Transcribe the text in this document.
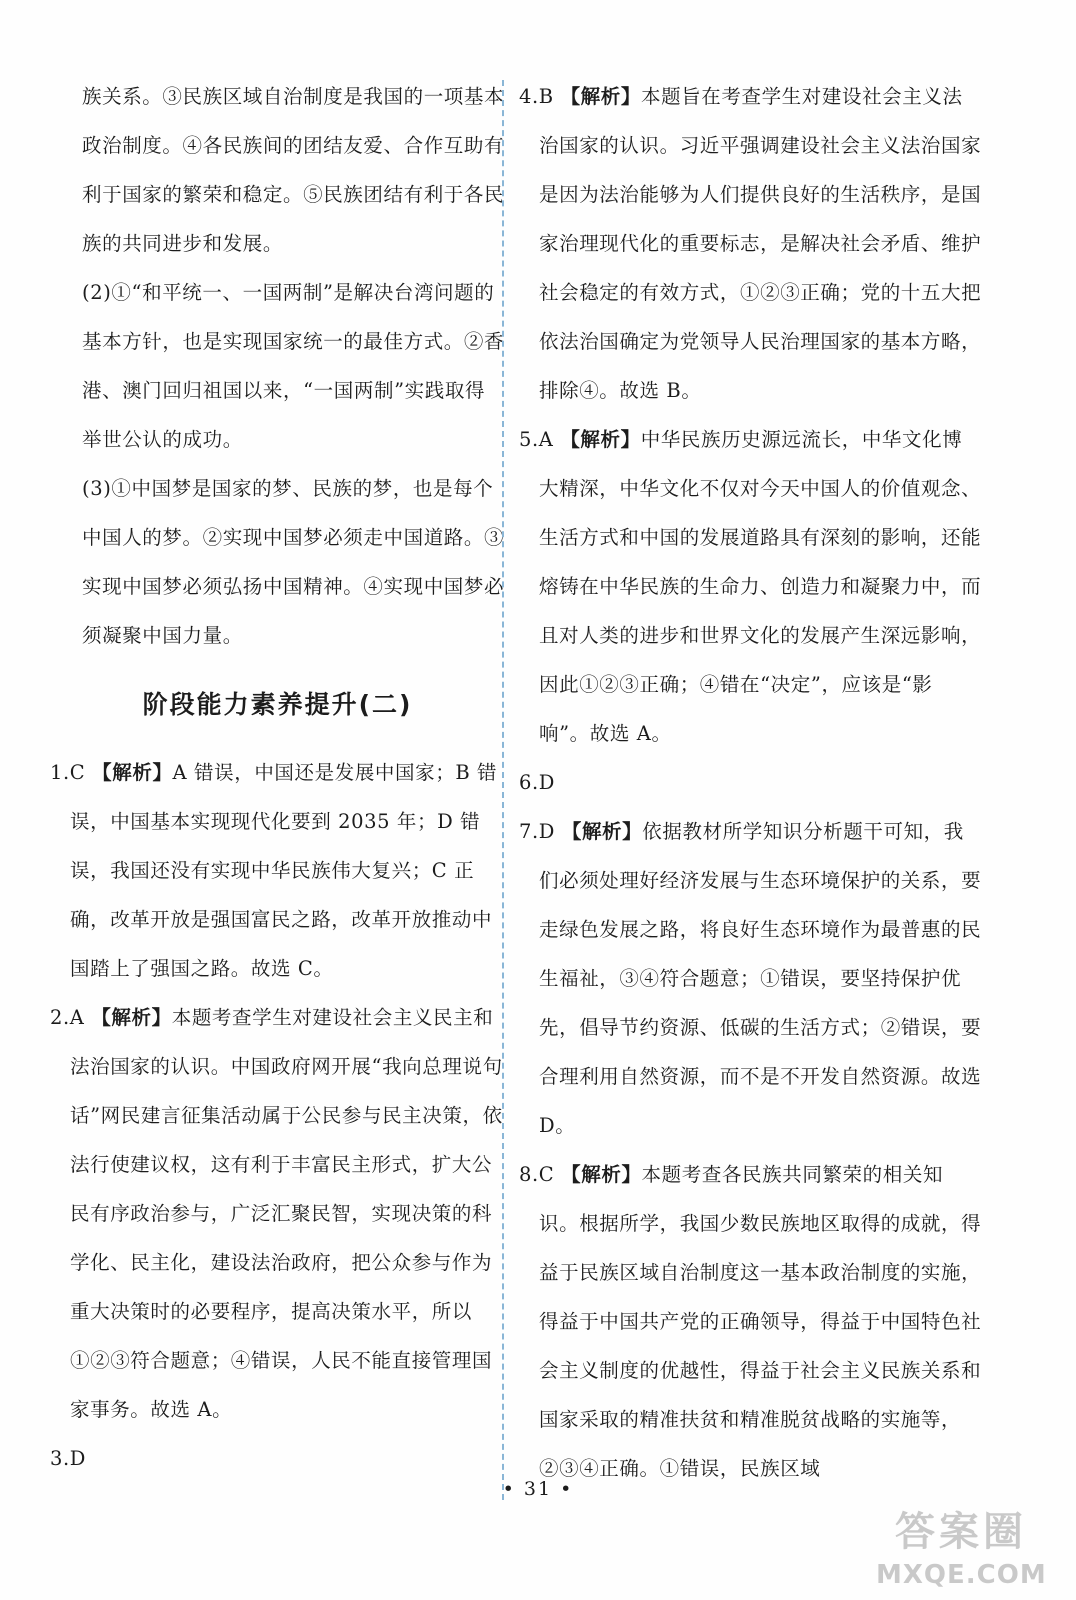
族关系。③民族区域自治制度是我国的一项基本政治制度。④各民族间的团结友爱、合作互助有利于国家的繁荣和稳定。⑤民族团结有利于各民族的共同进步和发展。

(2)①“和平统一、一国两制”是解决台湾问题的基本方针，也是实现国家统一的最佳方式。②香港、澳门回归祖国以来，“一国两制”实践取得举世公认的成功。

(3)①中国梦是国家的梦、民族的梦，也是每个中国人的梦。②实现中国梦必须走中国道路。③实现中国梦必须弘扬中国精神。④实现中国梦必须凝聚中国力量。

阶段能力素养提升(二)

1.C 【解析】A 错误，中国还是发展中国家；B 错误，中国基本实现现代化要到 2035 年；D 错误，我国还没有实现中华民族伟大复兴；C 正确，改革开放是强国富民之路，改革开放推动中国踏上了强国之路。故选 C。

2.A 【解析】本题考查学生对建设社会主义民主和法治国家的认识。中国政府网开展“我向总理说句话”网民建言征集活动属于公民参与民主决策，依法行使建议权，这有利于丰富民主形式，扩大公民有序政治参与，广泛汇聚民智，实现决策的科学化、民主化，建设法治政府，把公众参与作为重大决策时的必要程序，提高决策水平，所以①②③符合题意；④错误，人民不能直接管理国家事务。故选 A。

3.D

4.B 【解析】本题旨在考查学生对建设社会主义法治国家的认识。习近平强调建设社会主义法治国家是因为法治能够为人们提供良好的生活秩序，是国家治理现代化的重要标志，是解决社会矛盾、维护社会稳定的有效方式，①②③正确；党的十五大把依法治国确定为党领导人民治理国家的基本方略，排除④。故选 B。

5.A 【解析】中华民族历史源远流长，中华文化博大精深，中华文化不仅对今天中国人的价值观念、生活方式和中国的发展道路具有深刻的影响，还能熔铸在中华民族的生命力、创造力和凝聚力中，而且对人类的进步和世界文化的发展产生深远影响，因此①②③正确；④错在“决定”，应该是“影响”。故选 A。

6.D

7.D 【解析】依据教材所学知识分析题干可知，我们必须处理好经济发展与生态环境保护的关系，要走绿色发展之路，将良好生态环境作为最普惠的民生福祉，③④符合题意；①错误，要坚持保护优先，倡导节约资源、低碳的生活方式；②错误，要合理利用自然资源，而不是不开发自然资源。故选 D。

8.C 【解析】本题考查各民族共同繁荣的相关知识。根据所学，我国少数民族地区取得的成就，得益于民族区域自治制度这一基本政治制度的实施，得益于中国共产党的正确领导，得益于中国特色社会主义制度的优越性，得益于社会主义民族关系和国家采取的精准扶贫和精准脱贫战略的实施等，②③④正确。①错误，民族区域

• 31 •
答案圈
MXQE.COM
